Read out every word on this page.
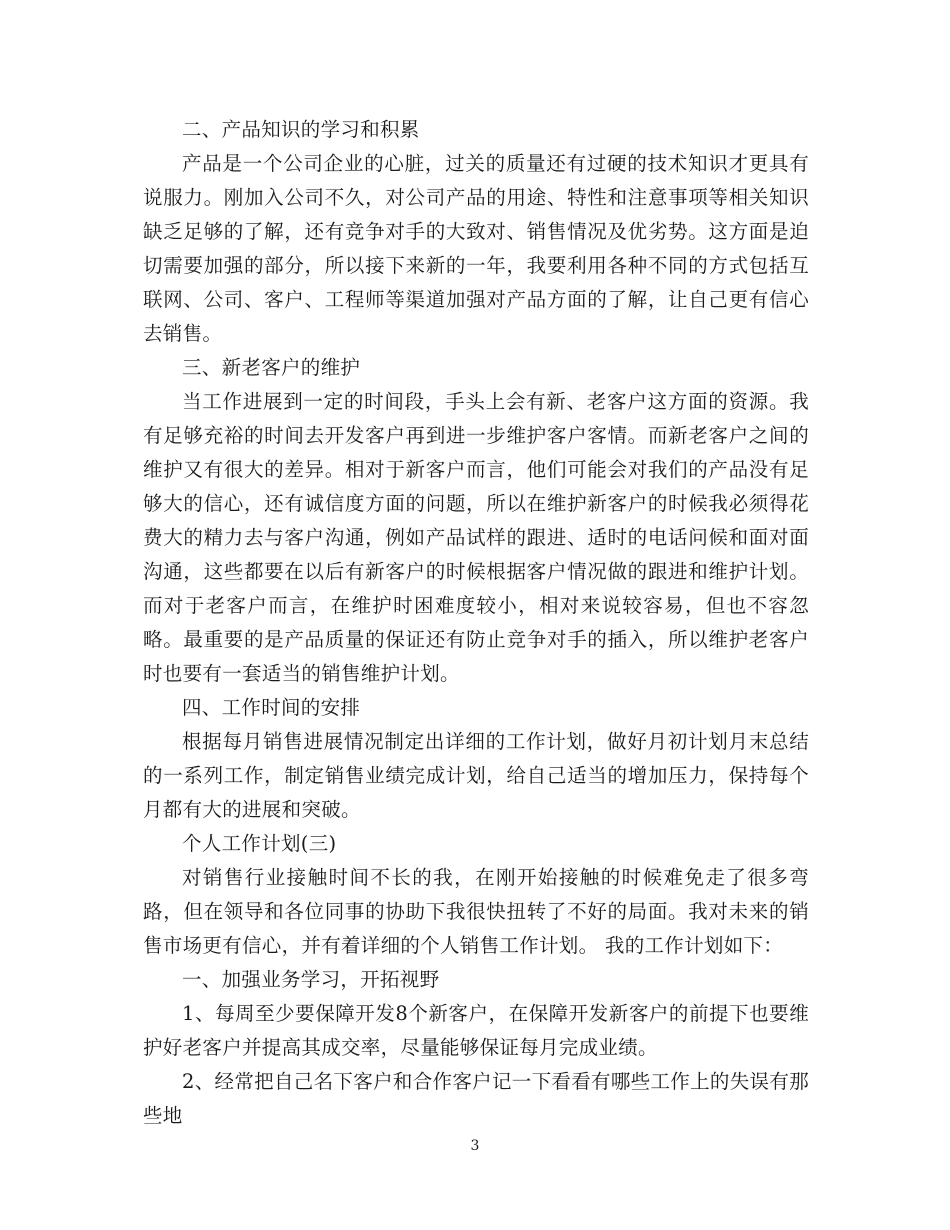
二、产品知识的学习和积累

产品是一个公司企业的心脏，过关的质量还有过硬的技术知识才更具有说服力。刚加入公司不久，对公司产品的用途、特性和注意事项等相关知识缺乏足够的了解，还有竞争对手的大致对、销售情况及优劣势。这方面是迫切需要加强的部分，所以接下来新的一年，我要利用各种不同的方式包括互联网、公司、客户、工程师等渠道加强对产品方面的了解，让自己更有信心去销售。

三、新老客户的维护

当工作进展到一定的时间段，手头上会有新、老客户这方面的资源。我有足够充裕的时间去开发客户再到进一步维护客户客情。而新老客户之间的维护又有很大的差异。相对于新客户而言，他们可能会对我们的产品没有足够大的信心，还有诚信度方面的问题，所以在维护新客户的时候我必须得花费大的精力去与客户沟通，例如产品试样的跟进、适时的电话问候和面对面沟通，这些都要在以后有新客户的时候根据客户情况做的跟进和维护计划。而对于老客户而言，在维护时困难度较小，相对来说较容易，但也不容忽略。最重要的是产品质量的保证还有防止竞争对手的插入，所以维护老客户时也要有一套适当的销售维护计划。

四、工作时间的安排

根据每月销售进展情况制定出详细的工作计划，做好月初计划月末总结的一系列工作，制定销售业绩完成计划，给自己适当的增加压力，保持每个月都有大的进展和突破。

个人工作计划(三)

对销售行业接触时间不长的我，在刚开始接触的时候难免走了很多弯路，但在领导和各位同事的协助下我很快扭转了不好的局面。我对未来的销售市场更有信心，并有着详细的个人销售工作计划。 我的工作计划如下：

一、加强业务学习，开拓视野

1、每周至少要保障开发8个新客户，在保障开发新客户的前提下也要维护好老客户并提高其成交率，尽量能够保证每月完成业绩。

2、经常把自己名下客户和合作客户记一下看看有哪些工作上的失误有那些地

3
